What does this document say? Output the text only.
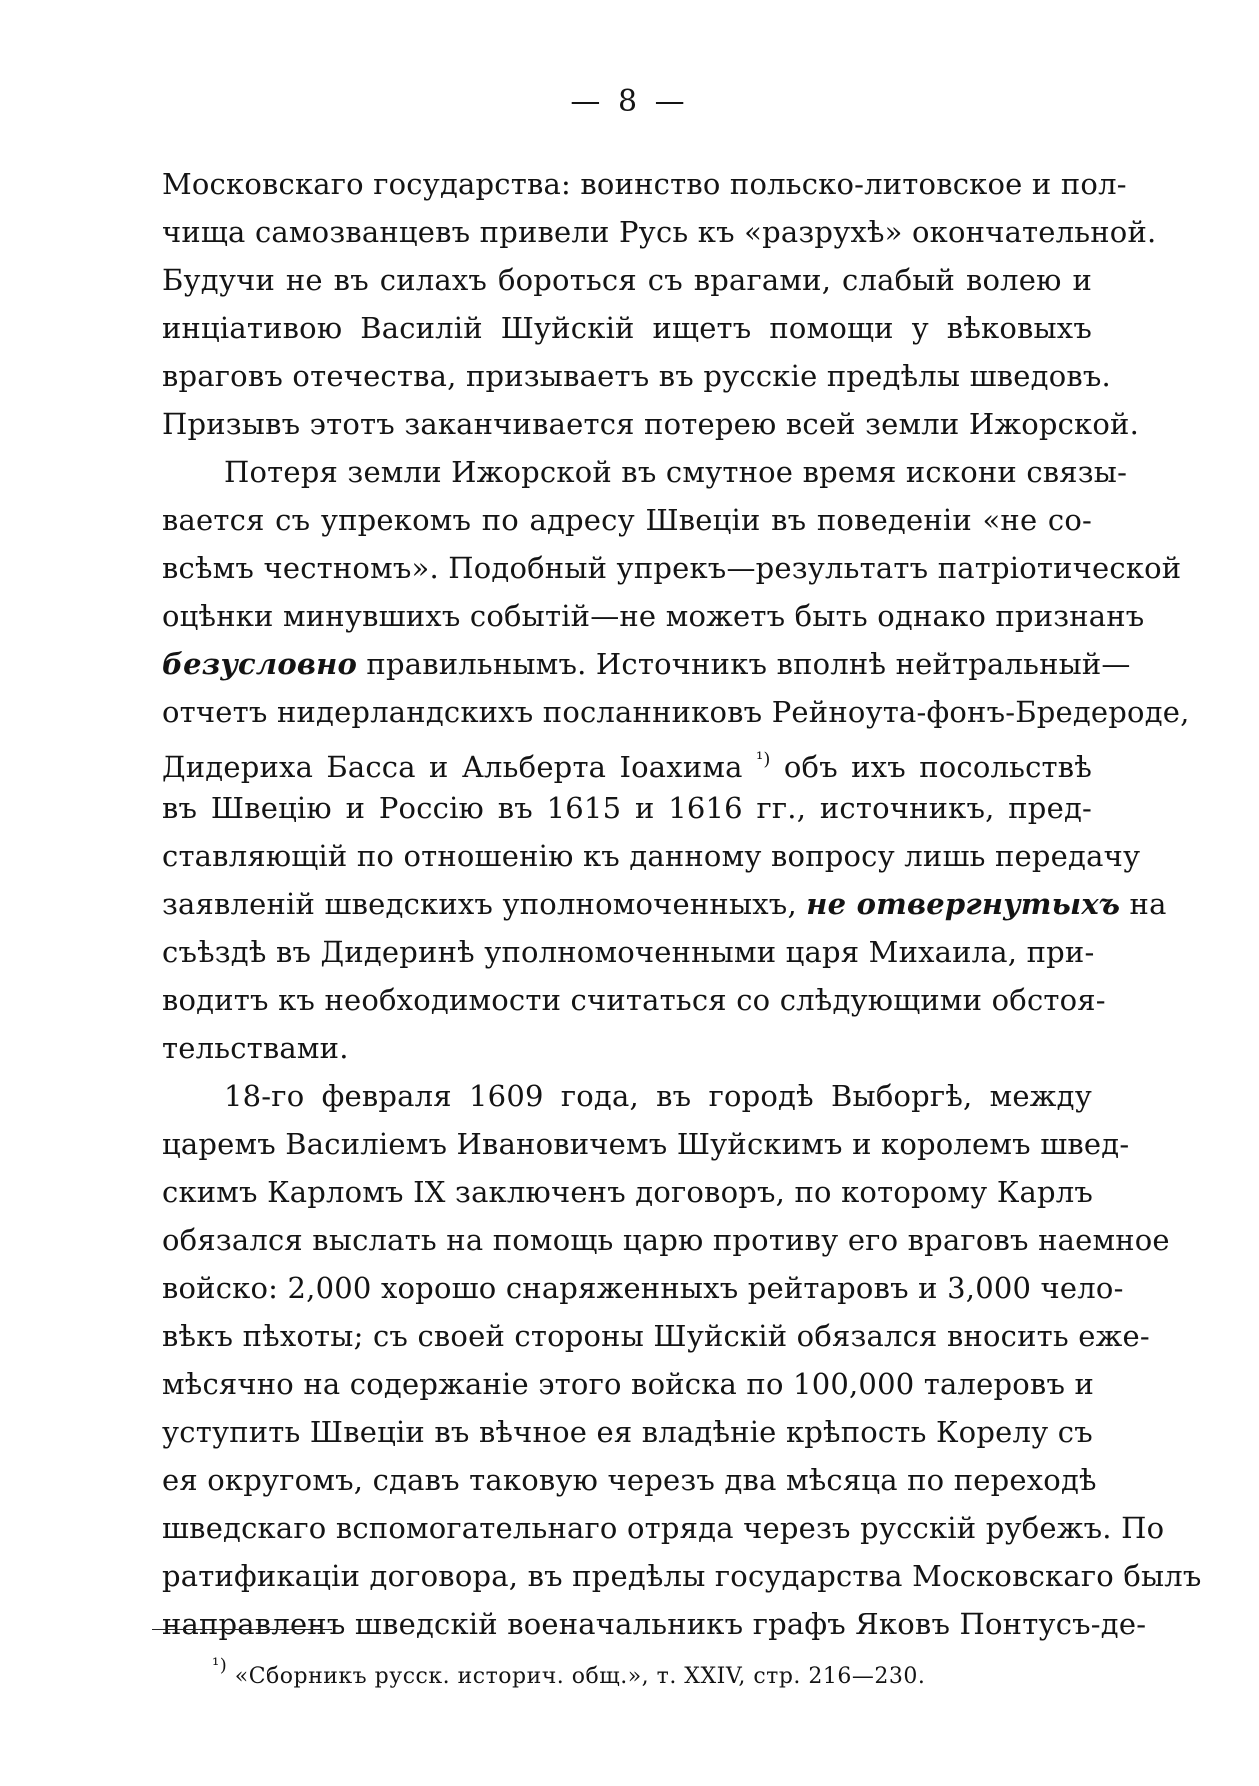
— 8 —
Московскаго государства: воинство польско-литовское и пол-
чища самозванцевъ привели Русь къ «разрухѣ» окончательной.
Будучи не въ силахъ бороться съ врагами, слабый волею и
инціативою Василій Шуйскій ищетъ помощи у вѣковыхъ
враговъ отечества, призываетъ въ русскіе предѣлы шведовъ.
Призывъ этотъ заканчивается потерею всей земли Ижорской.
Потеря земли Ижорской въ смутное время искони связы-
вается съ упрекомъ по адресу Швеціи въ поведеніи «не со-
всѣмъ честномъ». Подобный упрекъ—результатъ патріотической
оцѣнки минувшихъ событій—не можетъ быть однако признанъ
безусловно правильнымъ. Источникъ вполнѣ нейтральный—
отчетъ нидерландскихъ посланниковъ Рейноута-фонъ-Бредероде,
Дидериха Басса и Альберта Іоахима $^{^1)}$ объ ихъ посольствѣ
въ Швецію и Россію въ 1615 и 1616 гг., источникъ, пред-
ставляющій по отношенію къ данному вопросу лишь передачу
заявленій шведскихъ уполномоченныхъ, не отвергнутыхъ на
съѣздѣ въ Дидеринѣ уполномоченными царя Михаила, при-
водитъ къ необходимости считаться со слѣдующими обстоя-
тельствами.
18-го февраля 1609 года, въ городѣ Выборгѣ, между
царемъ Василіемъ Ивановичемъ Шуйскимъ и королемъ швед-
скимъ Карломъ IX заключенъ договоръ, по которому Карлъ
обязался выслать на помощь царю противу его враговъ наемное
войско: 2,000 хорошо снаряженныхъ рейтаровъ и 3,000 чело-
вѣкъ пѣхоты; съ своей стороны Шуйскій обязался вносить еже-
мѣсячно на содержаніе этого войска по 100,000 талеровъ и
уступить Швеціи въ вѣчное ея владѣніе крѣпость Корелу съ
ея округомъ, сдавъ таковую черезъ два мѣсяца по переходѣ
шведскаго вспомогательнаго отряда черезъ русскій рубежъ. По
ратификаціи договора, въ предѣлы государства Московскаго былъ
направленъ шведскій военачальникъ графъ Яковъ Понтусъ-де-
$^{^1)}$ «Сборникъ русск. историч. общ.», т. XXIV, стр. 216—230.
